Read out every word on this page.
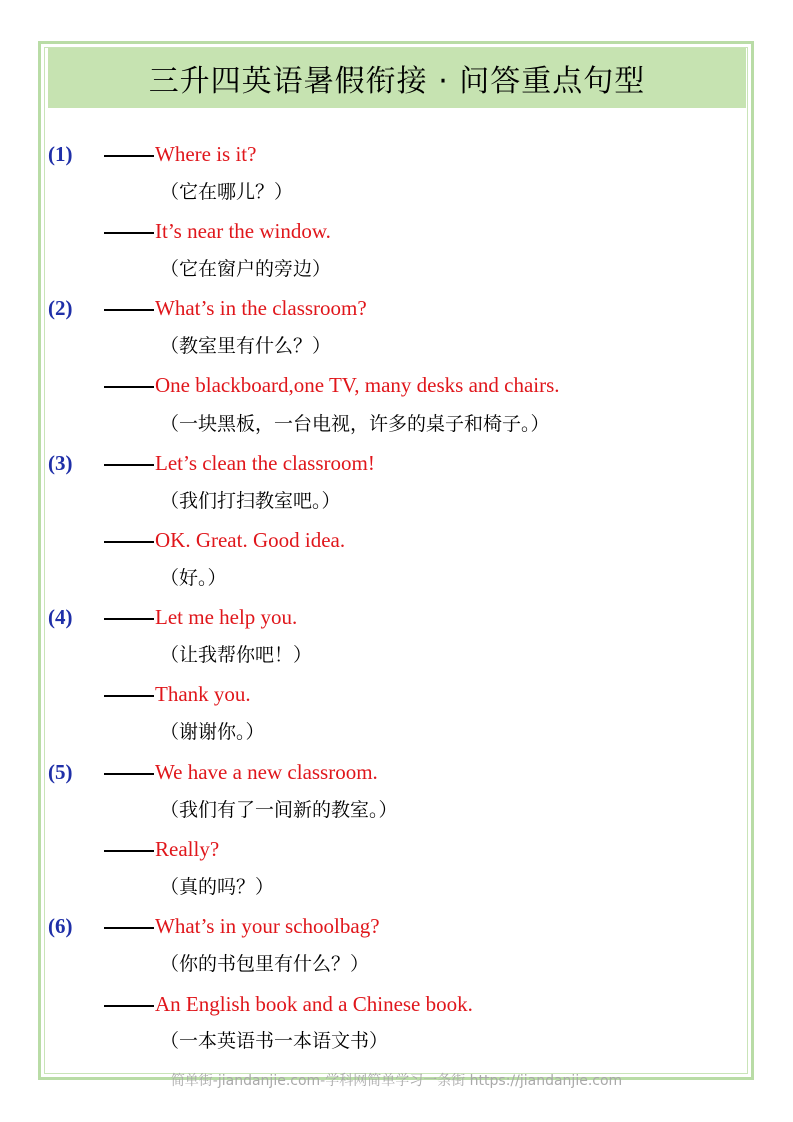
三升四英语暑假衔接 · 问答重点句型
(1)	Where is it?
（它在哪儿？）
It’s near the window.
（它在窗户的旁边）
(2)	What’s in the classroom?
（教室里有什么？）
One blackboard,one TV, many desks and chairs.
（一块黑板，一台电视，许多的桌子和椅子。）
(3)	Let’s clean the classroom!
（我们打扫教室吧。）
OK. Great. Good idea.
（好。）
(4)	Let me help you.
（让我帮你吧！）
Thank you.
（谢谢你。）
(5)	We have a new classroom.
（我们有了一间新的教室。）
Really?
（真的吗？）
(6)	What’s in your schoolbag?
（你的书包里有什么？）
An English book and a Chinese book.
（一本英语书一本语文书）
简单街-jiandanjie.com-学科网简单学习一条街 https://jiandanjie.com
